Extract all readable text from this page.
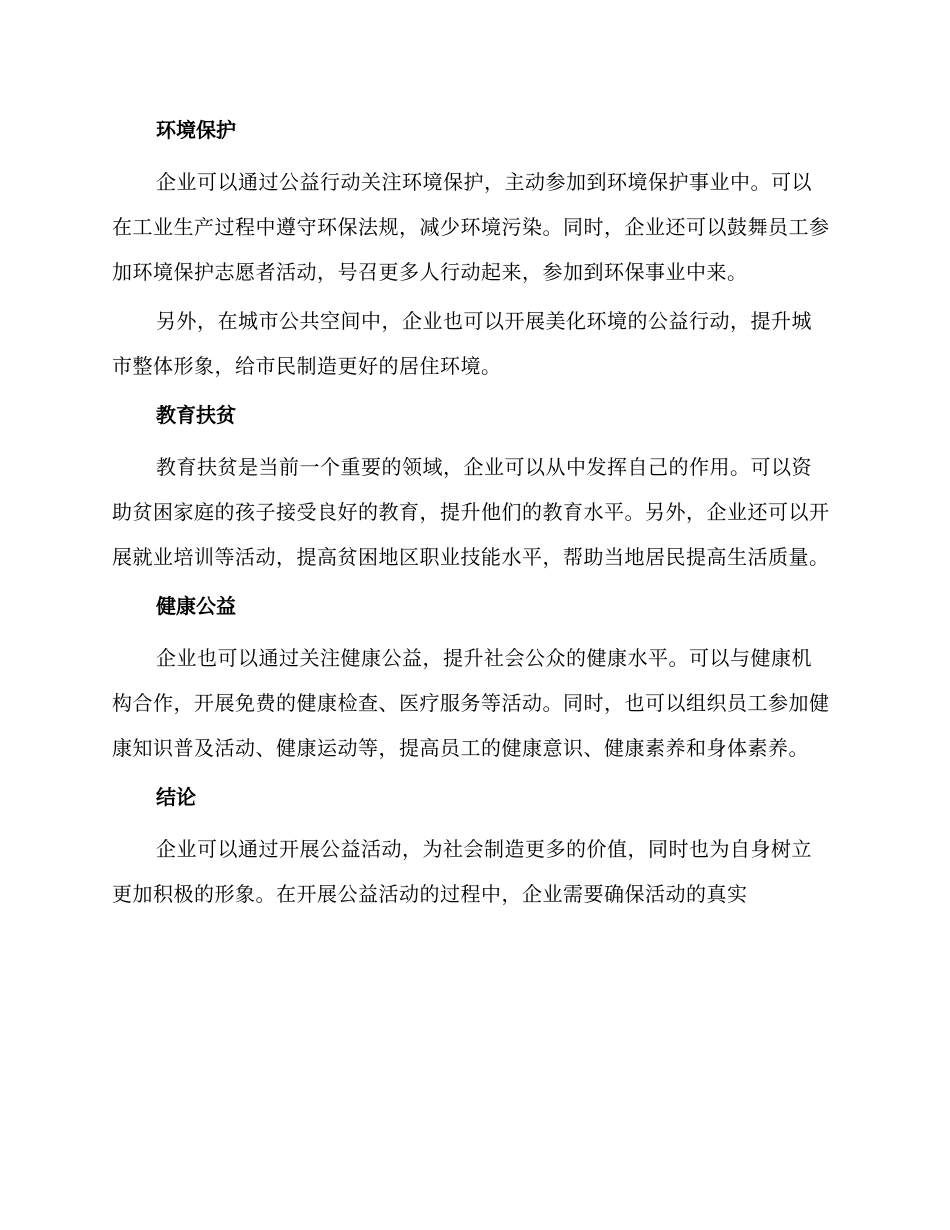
环境保护

企业可以通过公益行动关注环境保护，主动参加到环境保护事业中。可以在工业生产过程中遵守环保法规，减少环境污染。同时，企业还可以鼓舞员工参加环境保护志愿者活动，号召更多人行动起来，参加到环保事业中来。

另外，在城市公共空间中，企业也可以开展美化环境的公益行动，提升城市整体形象，给市民制造更好的居住环境。

教育扶贫

教育扶贫是当前一个重要的领域，企业可以从中发挥自己的作用。可以资助贫困家庭的孩子接受良好的教育，提升他们的教育水平。另外，企业还可以开展就业培训等活动，提高贫困地区职业技能水平，帮助当地居民提高生活质量。

健康公益

企业也可以通过关注健康公益，提升社会公众的健康水平。可以与健康机构合作，开展免费的健康检查、医疗服务等活动。同时，也可以组织员工参加健康知识普及活动、健康运动等，提高员工的健康意识、健康素养和身体素养。

结论

企业可以通过开展公益活动，为社会制造更多的价值，同时也为自身树立更加积极的形象。在开展公益活动的过程中，企业需要确保活动的真实
